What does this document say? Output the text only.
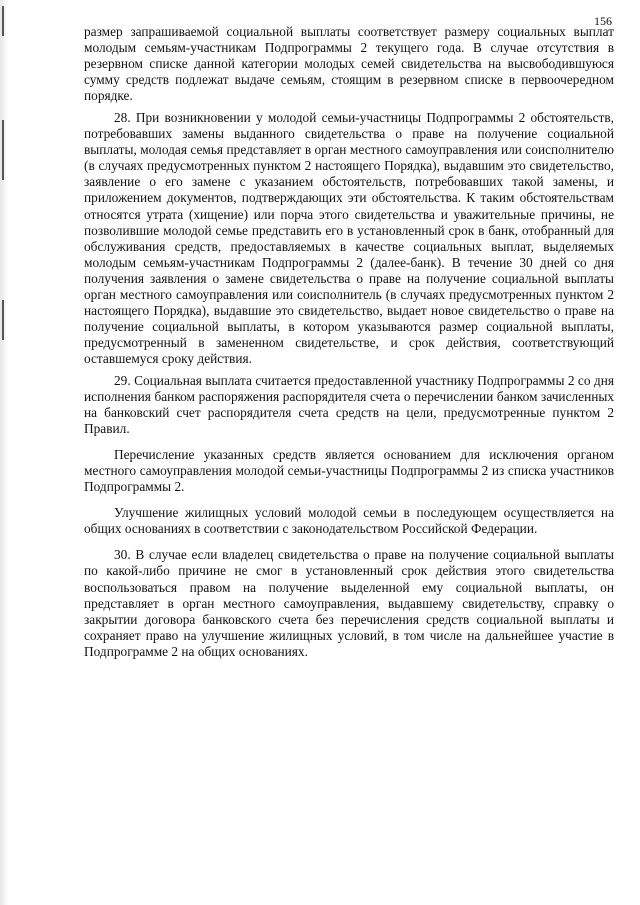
156

размер запрашиваемой социальной выплаты соответствует размеру социальных выплат молодым семьям-участникам Подпрограммы 2 текущего года. В случае отсутствия в резервном списке данной категории молодых семей свидетельства на высвободившуюся сумму средств подлежат выдаче семьям, стоящим в резервном списке в первоочередном порядке.

28. При возникновении у молодой семьи-участницы Подпрограммы 2 обстоятельств, потребовавших замены выданного свидетельства о праве на получение социальной выплаты, молодая семья представляет в орган местного самоуправления или соисполнителю (в случаях предусмотренных пунктом 2 настоящего Порядка), выдавшим это свидетельство, заявление о его замене с указанием обстоятельств, потребовавших такой замены, и приложением документов, подтверждающих эти обстоятельства. К таким обстоятельствам относятся утрата (хищение) или порча этого свидетельства и уважительные причины, не позволившие молодой семье представить его в установленный срок в банк, отобранный для обслуживания средств, предоставляемых в качестве социальных выплат, выделяемых молодым семьям-участникам Подпрограммы 2 (далее-банк). В течение 30 дней со дня получения заявления о замене свидетельства о праве на получение социальной выплаты орган местного самоуправления или соисполнитель (в случаях предусмотренных пунктом 2 настоящего Порядка), выдавшие это свидетельство, выдает новое свидетельство о праве на получение социальной выплаты, в котором указываются размер социальной выплаты, предусмотренный в замененном свидетельстве, и срок действия, соответствующий оставшемуся сроку действия.

29. Социальная выплата считается предоставленной участнику Подпрограммы 2 со дня исполнения банком распоряжения распорядителя счета о перечислении банком зачисленных на банковский счет распорядителя счета средств на цели, предусмотренные пунктом 2 Правил.

Перечисление указанных средств является основанием для исключения органом местного самоуправления молодой семьи-участницы Подпрограммы 2 из списка участников Подпрограммы 2.

Улучшение жилищных условий молодой семьи в последующем осуществляется на общих основаниях в соответствии с законодательством Российской Федерации.

30. В случае если владелец свидетельства о праве на получение социальной выплаты по какой-либо причине не смог в установленный срок действия этого свидетельства воспользоваться правом на получение выделенной ему социальной выплаты, он представляет в орган местного самоуправления, выдавшему свидетельству, справку о закрытии договора банковского счета без перечисления средств социальной выплаты и сохраняет право на улучшение жилищных условий, в том числе на дальнейшее участие в Подпрограмме 2 на общих основаниях.
